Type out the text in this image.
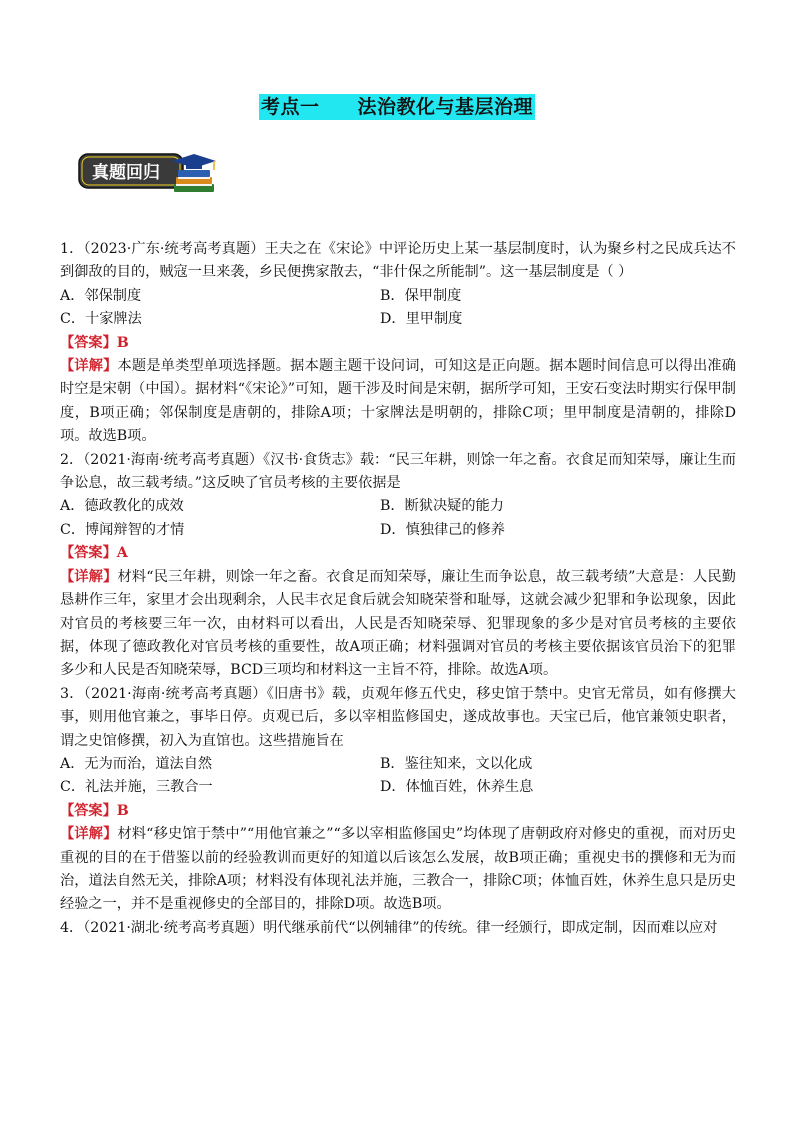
考点一 法治教化与基层治理
真题回归

1．（2023·广东·统考高考真题）王夫之在《宋论》中评论历史上某一基层制度时，认为聚乡村之民成兵达不到御敌的目的，贼寇一旦来袭，乡民便携家散去，“非什保之所能制”。这一基层制度是（ ）

A．邻保制度	B．保甲制度
C．十家牌法	D．里甲制度

【答案】B

【详解】本题是单类型单项选择题。据本题主题干设问词，可知这是正向题。据本题时间信息可以得出准确时空是宋朝（中国）。据材料“《宋论》”可知，题干涉及时间是宋朝，据所学可知，王安石变法时期实行保甲制度，B项正确；邻保制度是唐朝的，排除A项；十家牌法是明朝的，排除C项；里甲制度是清朝的，排除D项。故选B项。

2．（2021·海南·统考高考真题）《汉书·食货志》载：“民三年耕，则馀一年之畜。衣食足而知荣辱，廉让生而争讼息，故三载考绩。”这反映了官员考核的主要依据是

A．德政教化的成效	B．断狱决疑的能力
C．博闻辩智的才情	D．慎独律己的修养

【答案】A

【详解】材料“民三年耕，则馀一年之畜。衣食足而知荣辱，廉让生而争讼息，故三载考绩”大意是：人民勤恳耕作三年，家里才会出现剩余，人民丰衣足食后就会知晓荣誉和耻辱，这就会减少犯罪和争讼现象，因此对官员的考核要三年一次，由材料可以看出，人民是否知晓荣辱、犯罪现象的多少是对官员考核的主要依据，体现了德政教化对官员考核的重要性，故A项正确；材料强调对官员的考核主要依据该官员治下的犯罪多少和人民是否知晓荣辱，BCD三项均和材料这一主旨不符，排除。故选A项。

3．（2021·海南·统考高考真题）《旧唐书》载，贞观年修五代史，移史馆于禁中。史官无常员，如有修撰大事，则用他官兼之，事毕日停。贞观已后，多以宰相监修国史，遂成故事也。天宝已后，他官兼领史职者，谓之史馆修撰，初入为直馆也。这些措施旨在

A．无为而治，道法自然	B．鉴往知来，文以化成
C．礼法并施，三教合一	D．体恤百姓，休养生息

【答案】B

【详解】材料“移史馆于禁中”“用他官兼之”“多以宰相监修国史”均体现了唐朝政府对修史的重视，而对历史重视的目的在于借鉴以前的经验教训而更好的知道以后该怎么发展，故B项正确；重视史书的撰修和无为而治，道法自然无关，排除A项；材料没有体现礼法并施，三教合一，排除C项；体恤百姓，休养生息只是历史经验之一，并不是重视修史的全部目的，排除D项。故选B项。

4．（2021·湖北·统考高考真题）明代继承前代“以例辅律”的传统。律一经颁行，即成定制，因而难以应对
